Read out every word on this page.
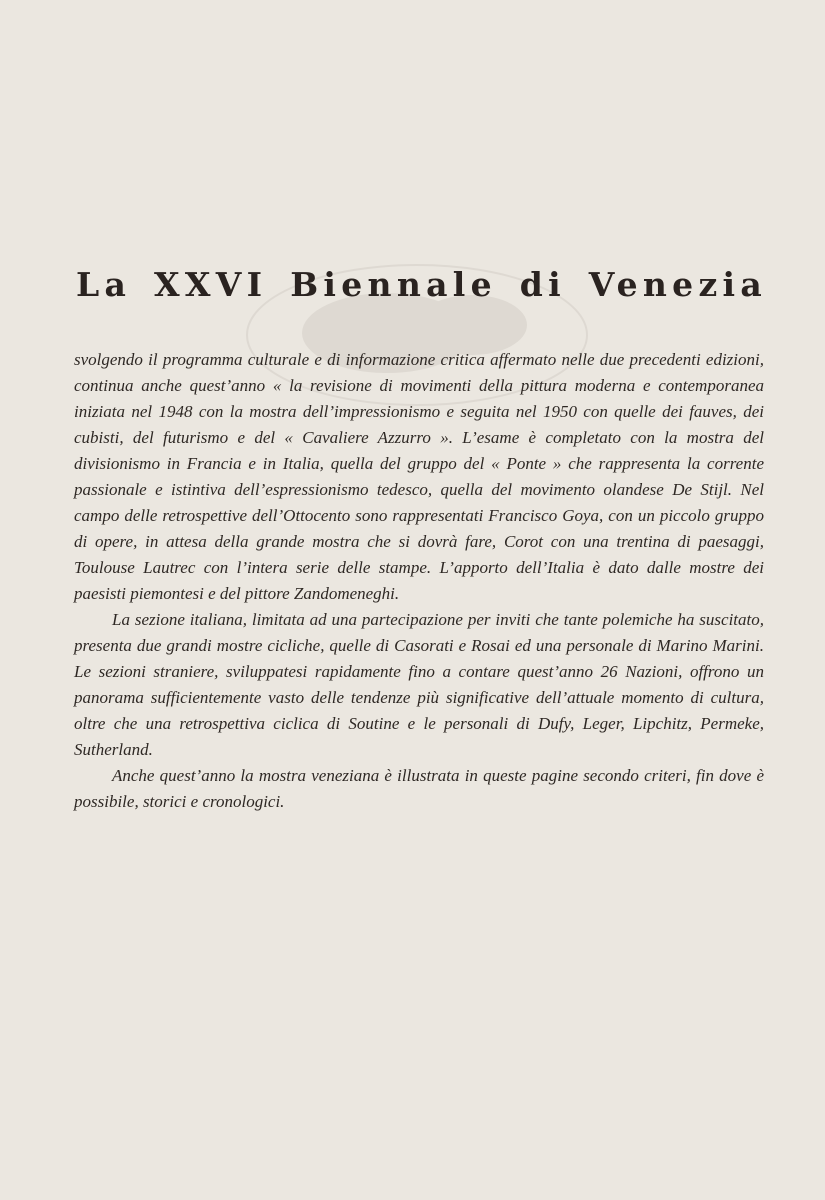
La XXVI Biennale di Venezia

svolgendo il programma culturale e di informazione critica affermato nelle due precedenti edizioni, continua anche quest’anno « la revisione di movimenti della pittura moderna e contemporanea iniziata nel 1948 con la mostra dell’impressionismo e seguita nel 1950 con quelle dei fauves, dei cubisti, del futurismo e del « Cavaliere Azzurro ». L’esame è completato con la mostra del divisionismo in Francia e in Italia, quella del gruppo del « Ponte » che rappresenta la corrente passionale e istintiva dell’espressionismo tedesco, quella del movimento olandese De Stijl. Nel campo delle retrospettive dell’Ottocento sono rappresentati Francisco Goya, con un piccolo gruppo di opere, in attesa della grande mostra che si dovrà fare, Corot con una trentina di paesaggi, Toulouse Lautrec con l’intera serie delle stampe. L’apporto dell’Italia è dato dalle mostre dei paesisti piemontesi e del pittore Zandomeneghi.

La sezione italiana, limitata ad una partecipazione per inviti che tante polemiche ha suscitato, presenta due grandi mostre cicliche, quelle di Casorati e Rosai ed una personale di Marino Marini. Le sezioni straniere, sviluppatesi rapidamente fino a contare quest’anno 26 Nazioni, offrono un panorama sufficientemente vasto delle tendenze più significative dell’attuale momento di cultura, oltre che una retrospettiva ciclica di Soutine e le personali di Dufy, Leger, Lipchitz, Permeke, Sutherland.

Anche quest’anno la mostra veneziana è illustrata in queste pagine secondo criteri, fin dove è possibile, storici e cronologici.
